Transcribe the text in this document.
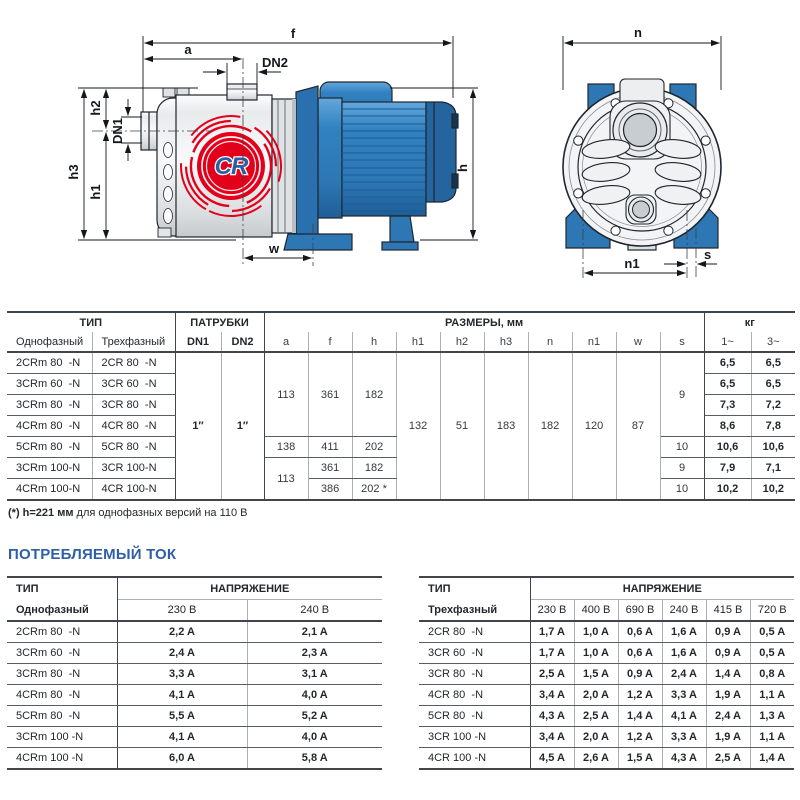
CR
f
a
DN2
h3
h1
h2
DN1
h
w
n
n1
s
ТИП		ПАТРУБКИ		РАЗМЕРЫ, мм										кг	
Однофазный	Трехфазный	DN1	DN2	a	f	h	h1	h2	h3	n	n1	w	s	1~	3~
2CRm 80  -N	2CR 80  -N	1″	1″	113	361	182	132	51	183	182	120	87	9	6,5	6,5
3CRm 60  -N	3CR 60  -N													6,5	6,5
3CRm 80  -N	3CR 80  -N													7,3	7,2
4CRm 80  -N	4CR 80  -N													8,6	7,8
5CRm 80  -N	5CR 80  -N			138	411	202							10	10,6	10,6
3CRm 100-N	3CR 100-N			113	361	182							9	7,9	7,1
4CRm 100-N	4CR 100-N				386	202 *							10	10,2	10,2
(*) h=221 мм для однофазных версий на 110 В
ПОТРЕБЛЯЕМЫЙ ТОК
ТИП
Однофазный	НАПРЯЖЕНИЕ	
	230 В	240 В
2CRm 80  -N	2,2 A	2,1 A
3CRm 60  -N	2,4 A	2,3 A
3CRm 80  -N	3,3 A	3,1 A
4CRm 80  -N	4,1 A	4,0 A
5CRm 80  -N	5,5 A	5,2 A
3CRm 100 -N	4,1 A	4,0 A
4CRm 100 -N	6,0 A	5,8 A
ТИП
Трехфазный	НАПРЯЖЕНИЕ					
	230 В	400 В	690 В	240 В	415 В	720 В
2CR 80  -N	1,7 A	1,0 A	0,6 A	1,6 A	0,9 A	0,5 A
3CR 60  -N	1,7 A	1,0 A	0,6 A	1,6 A	0,9 A	0,5 A
3CR 80  -N	2,5 A	1,5 A	0,9 A	2,4 A	1,4 A	0,8 A
4CR 80  -N	3,4 A	2,0 A	1,2 A	3,3 A	1,9 A	1,1 A
5CR 80  -N	4,3 A	2,5 A	1,4 A	4,1 A	2,4 A	1,3 A
3CR 100 -N	3,4 A	2,0 A	1,2 A	3,3 A	1,9 A	1,1 A
4CR 100 -N	4,5 A	2,6 A	1,5 A	4,3 A	2,5 A	1,4 A
